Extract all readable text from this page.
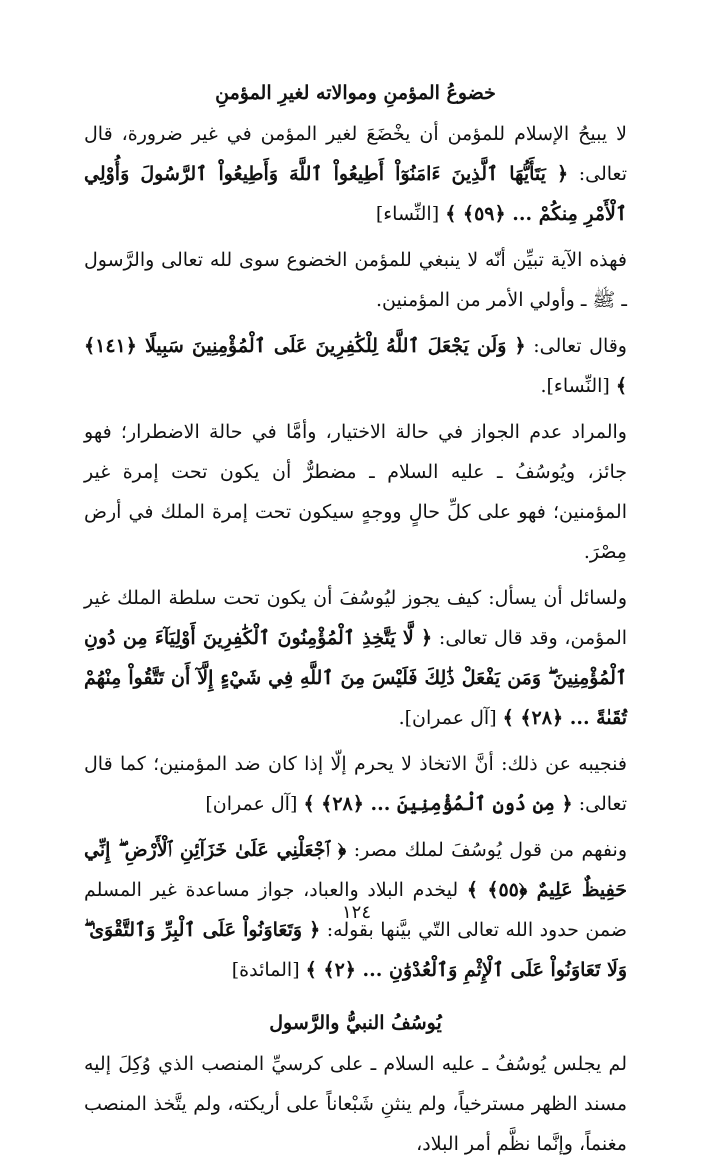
خضوعُ المؤمنِ وموالاته لغيرِ المؤمنِ

لا يبيحُ الإسلام للمؤمن أن يخْضَعَ لغير المؤمن في غير ضرورة، قال تعالى: ﴿ يَتَأَيُّهَا ٱلَّذِينَ ءَامَنُوٓاْ أَطِيعُواْ ٱللَّهَ وَأَطِيعُواْ ٱلرَّسُولَ وَأُوْلِي ٱلْأَمْرِ مِنكُمْ ... ﴿٥٩﴾ ﴾ [النِّساء]

فهذه الآية تبيِّن أنّه لا ينبغي للمؤمن الخضوع سوى لله تعالى والرَّسول ـ ﷺ ـ وأولي الأمر من المؤمنين.

وقال تعالى: ﴿ وَلَن يَجْعَلَ ٱللَّهُ لِلْكَٰفِرِينَ عَلَى ٱلْمُؤْمِنِينَ سَبِيلًا ﴿١٤١﴾ ﴾ [النِّساء].

والمراد عدم الجواز في حالة الاختيار، وأمَّا في حالة الاضطرار؛ فهو جائز، ويُوسُفُ ـ عليه السلام ـ مضطرٌّ أن يكون تحت إمرة غير المؤمنين؛ فهو على كلِّ حالٍ ووجهٍ سيكون تحت إمرة الملك في أرض مِصْرَ.

ولسائل أن يسأل: كيف يجوز ليُوسُفَ أن يكون تحت سلطة الملك غير المؤمن، وقد قال تعالى: ﴿ لَّا يَتَّخِذِ ٱلْمُؤْمِنُونَ ٱلْكَٰفِرِينَ أَوْلِيَآءَ مِن دُونِ ٱلْمُؤْمِنِينَ ۖ وَمَن يَفْعَلْ ذَٰلِكَ فَلَيْسَ مِنَ ٱللَّهِ فِي شَيْءٍ إِلَّآ أَن تَتَّقُواْ مِنْهُمْ تُقَىٰةً ... ﴿٢٨﴾ ﴾ [آل عمران].

فنجيبه عن ذلك: أنَّ الاتخاذ لا يحرم إلّا إذا كان ضد المؤمنين؛ كما قال تعالى: ﴿ مِن دُونِ ٱلْمُؤْمِنِينَ ... ﴿٢٨﴾ ﴾ [آل عمران]

ونفهم من قول يُوسُفَ لملك مصر: ﴿ ٱجْعَلْنِي عَلَىٰ خَزَآئِنِ ٱلْأَرْضِ ۖ إِنِّي حَفِيظٌ عَلِيمٌ ﴿٥٥﴾ ﴾ ليخدم البلاد والعباد، جواز مساعدة غير المسلم ضمن حدود الله تعالى التّي بيَّنها بقوله: ﴿ وَتَعَاوَنُواْ عَلَى ٱلْبِرِّ وَٱلتَّقْوَىٰ ۖ وَلَا تَعَاوَنُواْ عَلَى ٱلْإِثْمِ وَٱلْعُدْوَٰنِ ... ﴿٢﴾ ﴾ [المائدة]

يُوسُفُ النبيُّ والرَّسول

لم يجلس يُوسُفُ ـ عليه السلام ـ على كرسيِّ المنصب الذي وُكِلَ إليه مسند الظهر مسترخياً، ولم ينثنِ شَبْعاناً على أريكته، ولم يتَّخذ المنصب مغنماً، وإنَّما نظَّم أمر البلاد،

١٢٤
